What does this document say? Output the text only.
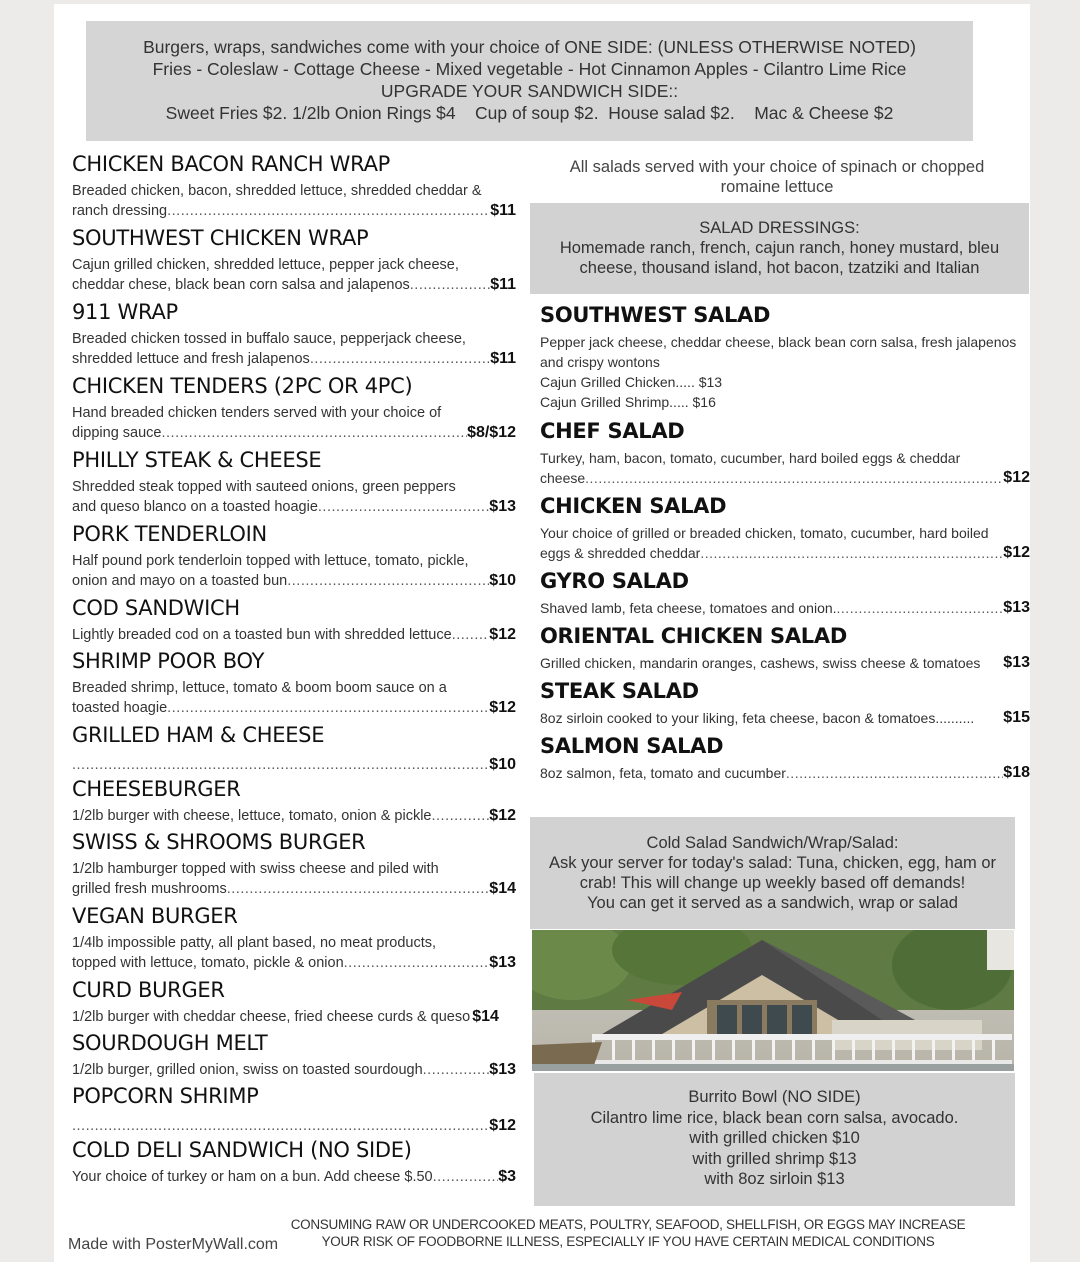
Burgers, wraps, sandwiches come with your choice of ONE SIDE: (UNLESS OTHERWISE NOTED)
Fries - Coleslaw - Cottage Cheese - Mixed vegetable - Hot Cinnamon Apples - Cilantro Lime Rice
UPGRADE YOUR SANDWICH SIDE::
Sweet Fries $2. 1/2lb Onion Rings $4    Cup of soup $2.  House salad $2.    Mac & Cheese $2
CHICKEN BACON RANCH WRAP
Breaded chicken, bacon, shredded lettuce, shredded cheddar &
ranch dressing .....	$11
SOUTHWEST CHICKEN WRAP
Cajun grilled chicken, shredded lettuce, pepper jack cheese,
cheddar chese, black bean corn salsa and jalapenos .....	$11
911 WRAP
Breaded chicken tossed in buffalo sauce, pepperjack cheese,
shredded lettuce and fresh jalapenos .....	$11
CHICKEN TENDERS (2PC OR 4PC)
Hand breaded chicken tenders served with your choice of
dipping sauce .....	$8/$12
PHILLY STEAK & CHEESE
Shredded steak topped with sauteed onions, green peppers
and queso blanco on a toasted hoagie .....	$13
PORK TENDERLOIN
Half pound pork tenderloin topped with lettuce, tomato, pickle,
onion and mayo on a toasted bun .....	$10
COD SANDWICH
Lightly breaded cod on a toasted bun with shredded lettuce ..... $12
SHRIMP POOR BOY
Breaded shrimp, lettuce, tomato & boom boom sauce on a
toasted hoagie .....	$12
GRILLED HAM & CHEESE
.....
$10
CHEESEBURGER
1/2lb burger with cheese, lettuce, tomato, onion & pickle .....	$12
SWISS & SHROOMS BURGER
1/2lb hamburger topped with swiss cheese and piled with
grilled fresh mushrooms .....	$14
VEGAN BURGER
1/4lb impossible patty, all plant based, no meat products,
topped with lettuce, tomato, pickle & onion .....	$13
CURD BURGER
1/2lb burger with cheddar cheese, fried cheese curds & queso $14
SOURDOUGH MELT
1/2lb burger, grilled onion, swiss on toasted sourdough .....	$13
POPCORN SHRIMP
.....
$12
COLD DELI SANDWICH (NO SIDE)
Your choice of turkey or ham on a bun. Add cheese $.50 .....	$3
All salads served with your choice of spinach or chopped romaine lettuce
SALAD DRESSINGS:
Homemade ranch, french, cajun ranch, honey mustard, bleu cheese, thousand island, hot bacon, tzatziki and Italian
SOUTHWEST SALAD
Pepper jack cheese, cheddar cheese, black bean corn salsa, fresh jalapenos
and crispy wontons
Cajun Grilled Chicken..... $13
Cajun Grilled Shrimp..... $16
CHEF SALAD
Turkey, ham, bacon, tomato, cucumber, hard boiled eggs & cheddar
cheese .....	$12
CHICKEN SALAD
Your choice of grilled or breaded chicken, tomato, cucumber, hard boiled
eggs & shredded cheddar .....	$12
GYRO SALAD
Shaved lamb, feta cheese, tomatoes and onion. .....	$13
ORIENTAL CHICKEN SALAD
Grilled chicken, mandarin oranges, cashews, swiss cheese & tomatoes $13
STEAK SALAD
8oz sirloin cooked to your liking, feta cheese, bacon & tomatoes.......... $15
SALMON SALAD
8oz salmon, feta, tomato and cucumber .....	$18
Cold Salad Sandwich/Wrap/Salad:
Ask your server for today's salad: Tuna, chicken, egg, ham or crab! This will change up weekly based off demands!
You can get it served as a sandwich, wrap or salad
Burrito Bowl (NO SIDE)
Cilantro lime rice, black bean corn salsa, avocado.
with grilled chicken $10
with grilled shrimp $13
with 8oz sirloin $13
CONSUMING RAW OR UNDERCOOKED MEATS, POULTRY, SEAFOOD, SHELLFISH, OR EGGS MAY INCREASE
YOUR RISK OF FOODBORNE ILLNESS, ESPECIALLY IF YOU HAVE CERTAIN MEDICAL CONDITIONS
Made with PosterMyWall.com
